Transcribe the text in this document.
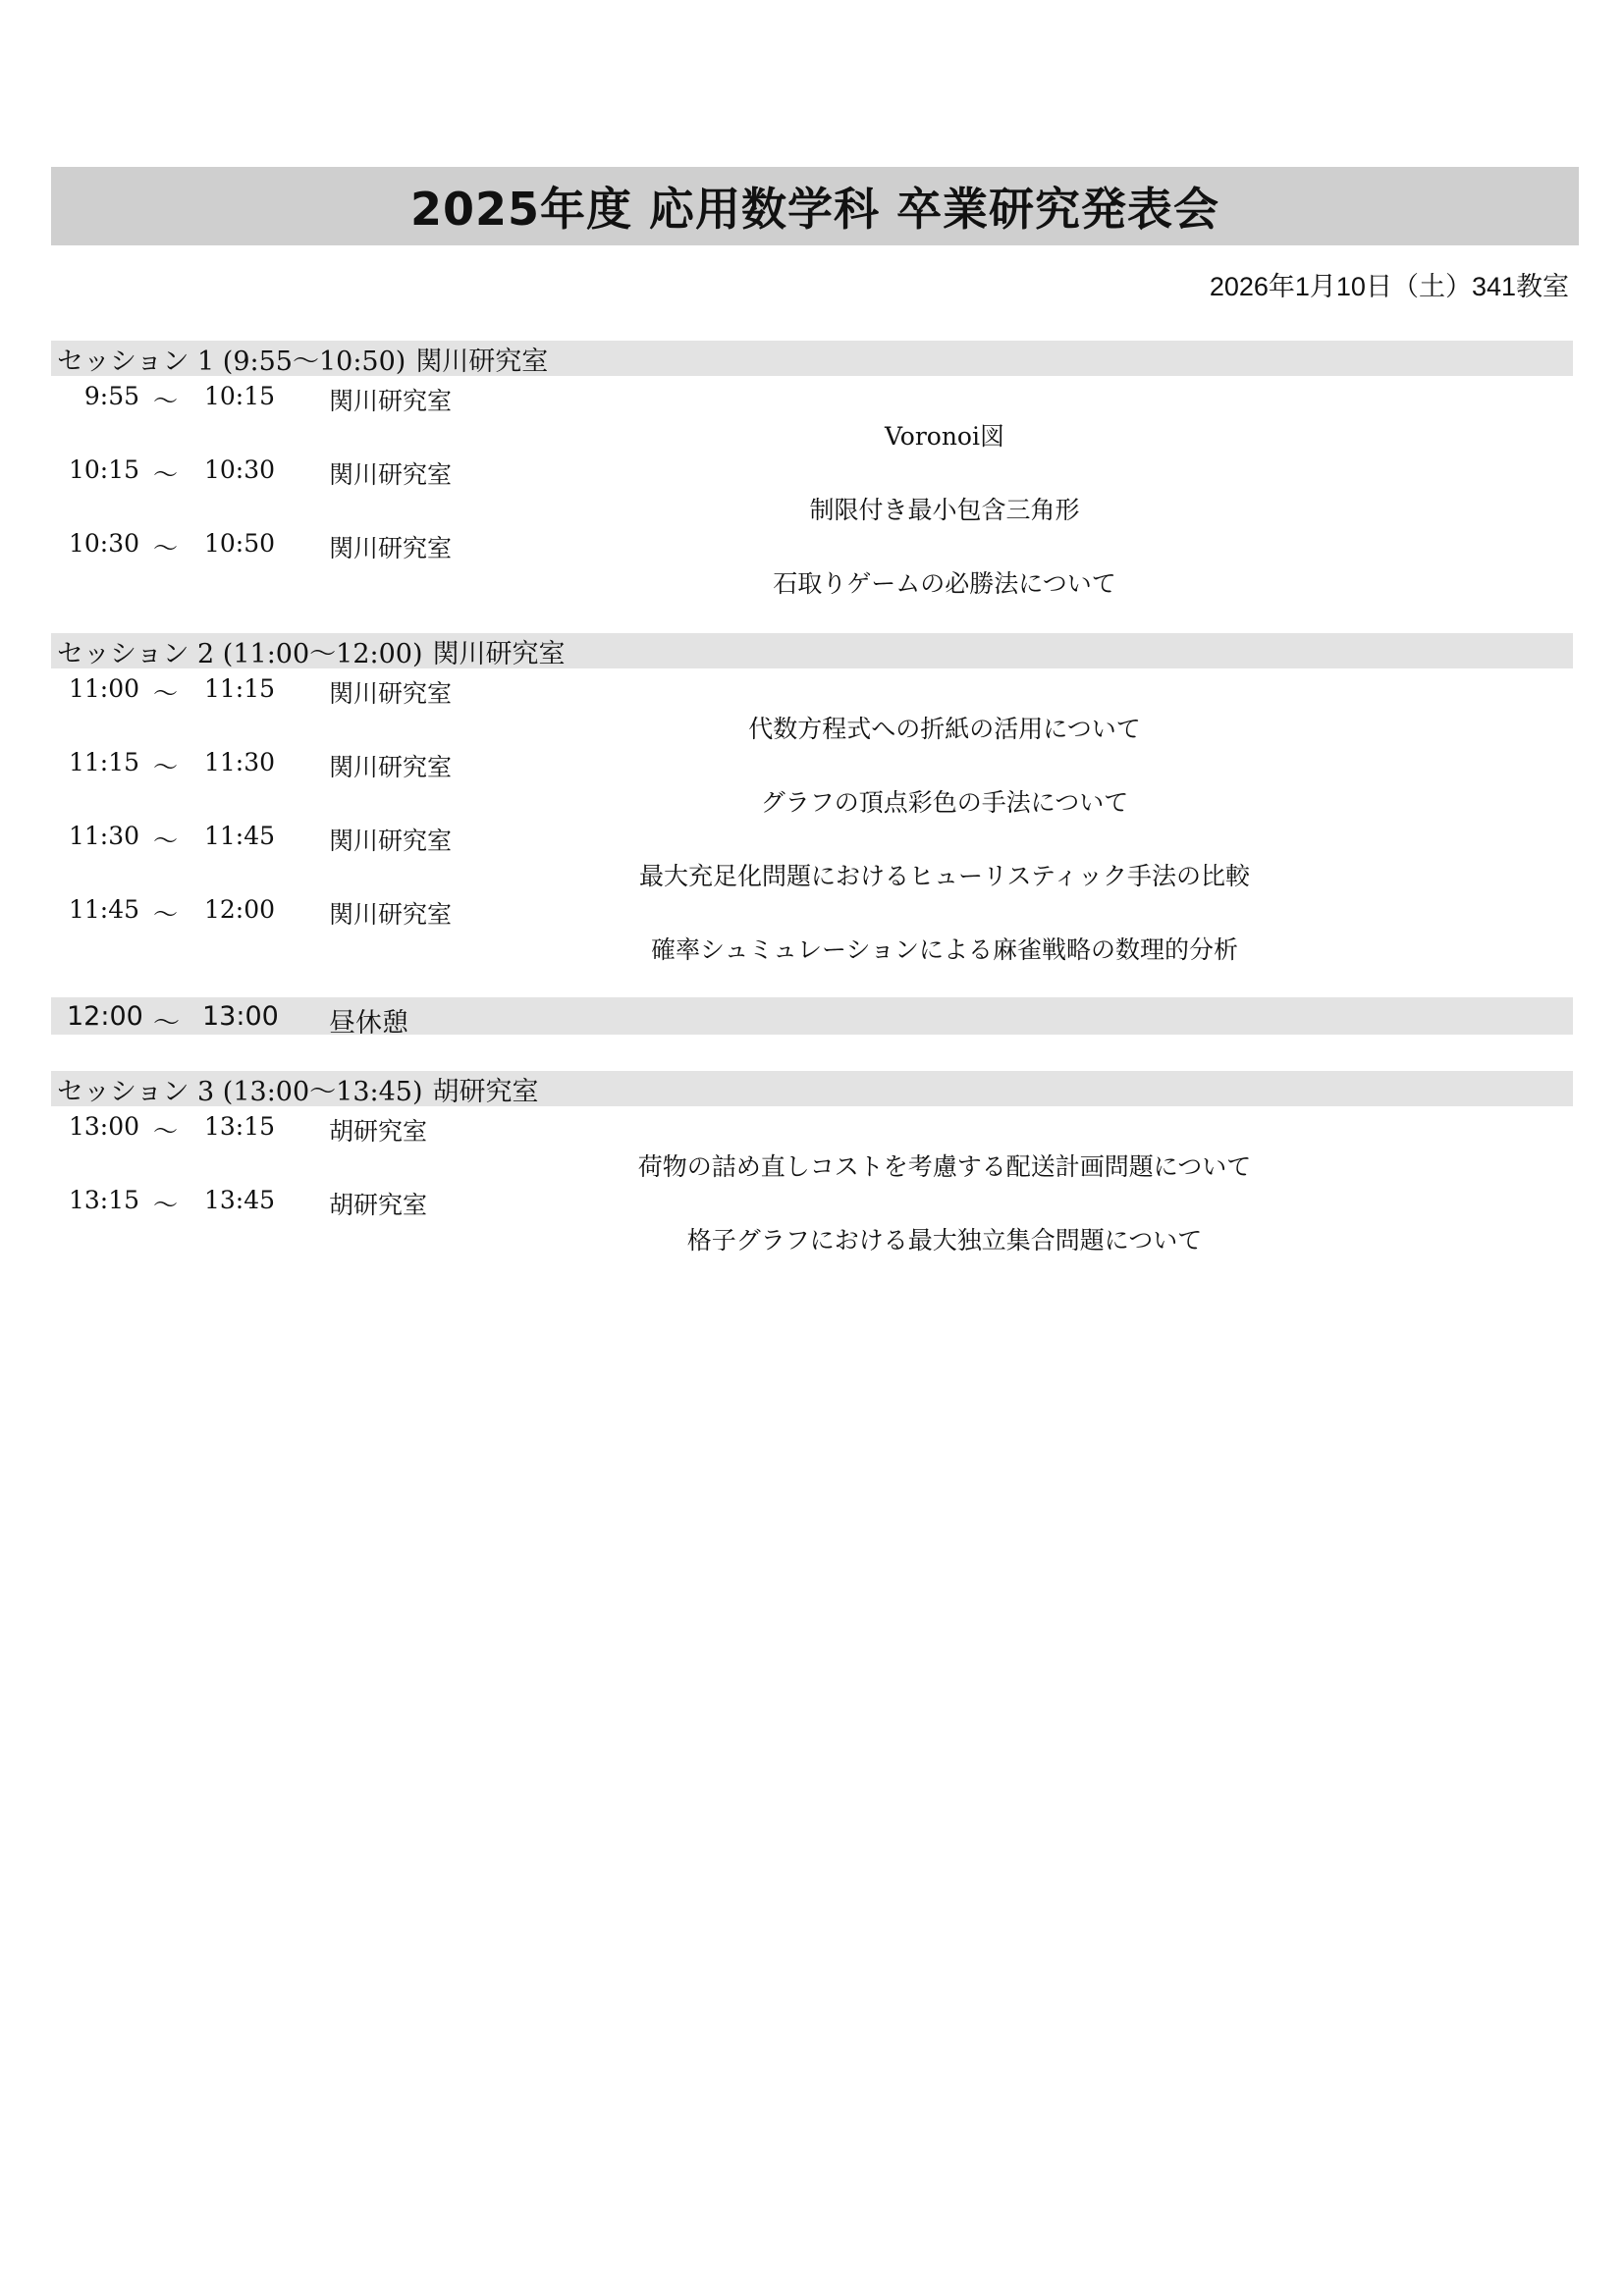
2025年度 応用数学科 卒業研究発表会
2026年1月10日（土）341教室
セッション 1 (9:55〜10:50) 関川研究室
9:55 〜 10:15 関川研究室
Voronoi図
10:15 〜 10:30 関川研究室
制限付き最小包含三角形
10:30 〜 10:50 関川研究室
石取りゲームの必勝法について
セッション 2 (11:00〜12:00) 関川研究室
11:00 〜 11:15 関川研究室
代数方程式への折紙の活用について
11:15 〜 11:30 関川研究室
グラフの頂点彩色の手法について
11:30 〜 11:45 関川研究室
最大充足化問題におけるヒューリスティック手法の比較
11:45 〜 12:00 関川研究室
確率シュミュレーションによる麻雀戦略の数理的分析
12:00 〜 13:00 昼休憩
セッション 3 (13:00〜13:45) 胡研究室
13:00 〜 13:15 胡研究室
荷物の詰め直しコストを考慮する配送計画問題について
13:15 〜 13:45 胡研究室
格子グラフにおける最大独立集合問題について
